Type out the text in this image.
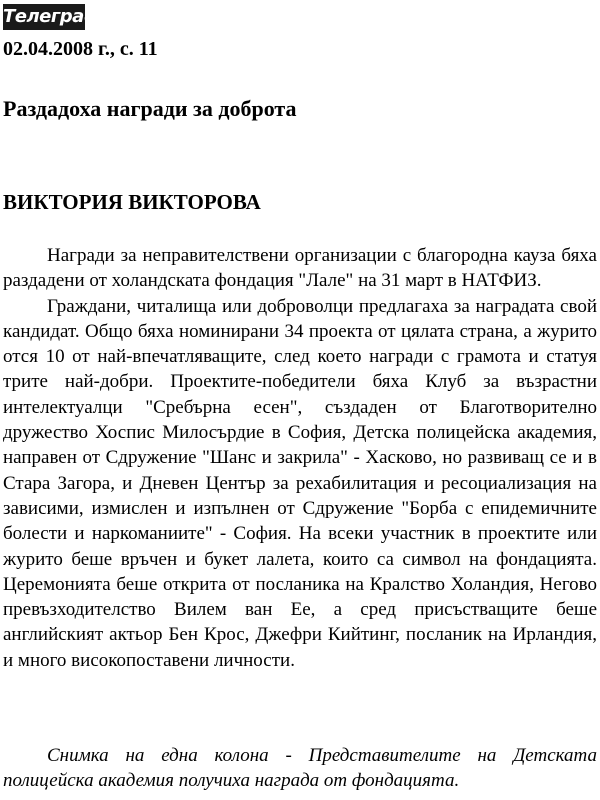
Телеграф
02.04.2008 г., с. 11
Раздадоха награди за доброта
ВИКТОРИЯ ВИКТОРОВА

Награди за неправителствени организации с благородна кауза бяха раздадени от холандската фондация "Лале" на 31 март в НАТФИЗ.

Граждани, читалища или доброволци предлагаха за наградата свой кандидат. Общо бяха номинирани 34 проекта от цялата страна, а журито отся 10 от най-впечатляващите, след което награди с грамота и статуя трите най-добри. Проектите-победители бяха Клуб за възрастни интелектуалци "Сребърна есен", създаден от Благотворително дружество Хоспис Милосърдие в София, Детска полицейска академия, направен от Сдружение "Шанс и закрила" - Хасково, но развиващ се и в Стара Загора, и Дневен Център за рехабилитация и ресоциализация на зависими, измислен и изпълнен от Сдружение "Борба с епидемичните болести и наркоманиите" - София. На всеки участник в проектите или журито беше връчен и букет лалета, които са символ на фондацията. Церемонията беше открита от посланика на Кралство Холандия, Негово превъзходителство Вилем ван Ее, а сред присъстващите беше английският актьор Бен Крос, Джефри Кийтинг, посланик на Ирландия, и много високопоставени личности.

Снимка на една колона - Представителите на Детската полицейска академия получиха награда от фондацията.
